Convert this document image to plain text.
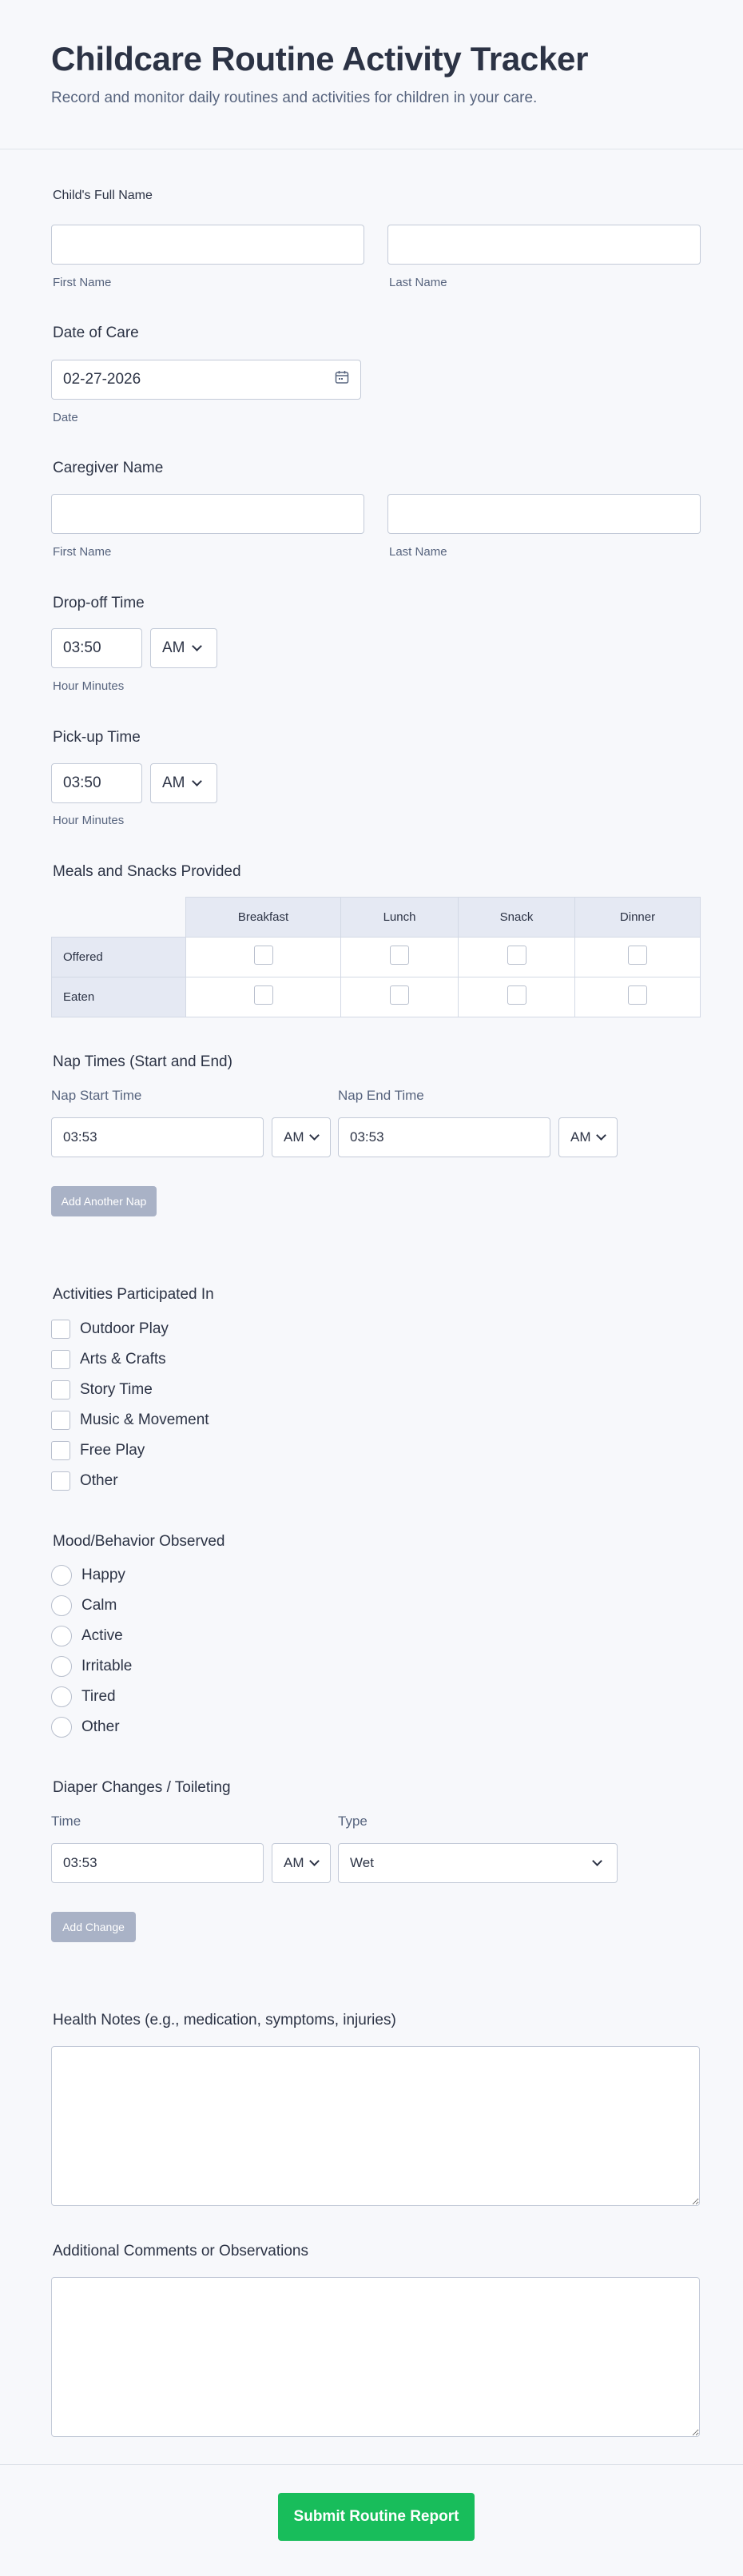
Childcare Routine Activity Tracker
Record and monitor daily routines and activities for children in your care.
Child's Full Name
First Name	Last Name
Date of Care
02-27-2026
Date
Caregiver Name
First Name	Last Name
Drop-off Time
03:50	AM
Hour Minutes
Pick-up Time
03:50	AM
Hour Minutes
Meals and Snacks Provided
	Breakfast	Lunch	Snack	Dinner
Offered				
Eaten				
Nap Times (Start and End)
Nap Start Time	Nap End Time
03:53	AM	03:53	AM
Add Another Nap
Activities Participated In
Outdoor Play
Arts & Crafts
Story Time
Music & Movement
Free Play
Other
Mood/Behavior Observed
Happy
Calm
Active
Irritable
Tired
Other
Diaper Changes / Toileting
Time	Type
03:53	AM	Wet
Add Change
Health Notes (e.g., medication, symptoms, injuries)
Additional Comments or Observations
Submit Routine Report
